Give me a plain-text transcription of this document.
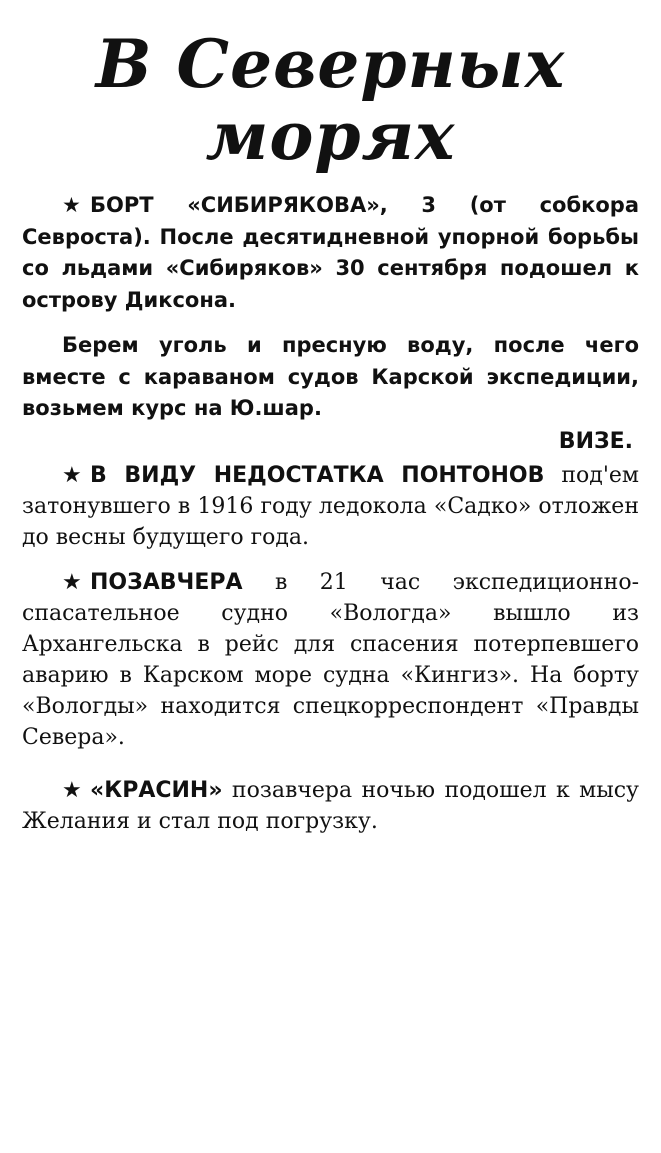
В Северных
морях

★ БОРТ «СИБИРЯКОВА», 3 (от собкора Севроста). После десятидневной упорной борьбы со льдами «Сибиряков» 30 сентября подошел к острову Диксона.

Берем уголь и пресную воду, после чего вместе с караваном судов Карской экспедиции, возьмем курс на Ю.шар.

ВИЗЕ.

★ В ВИДУ НЕДОСТАТКА ПОНТОНОВ под'ем затонувшего в 1916 году ледокола «Садко» отложен до весны будущего года.

★ ПОЗАВЧЕРА в 21 час экспедиционно-спасательное судно «Вологда» вышло из Архангельска в рейс для спасения потерпевшего аварию в Карском море судна «Кингиз». На борту «Вологды» находится спецкорреспондент «Правды Севера».

★ «КРАСИН» позавчера ночью подошел к мысу Желания и стал под погрузку.
